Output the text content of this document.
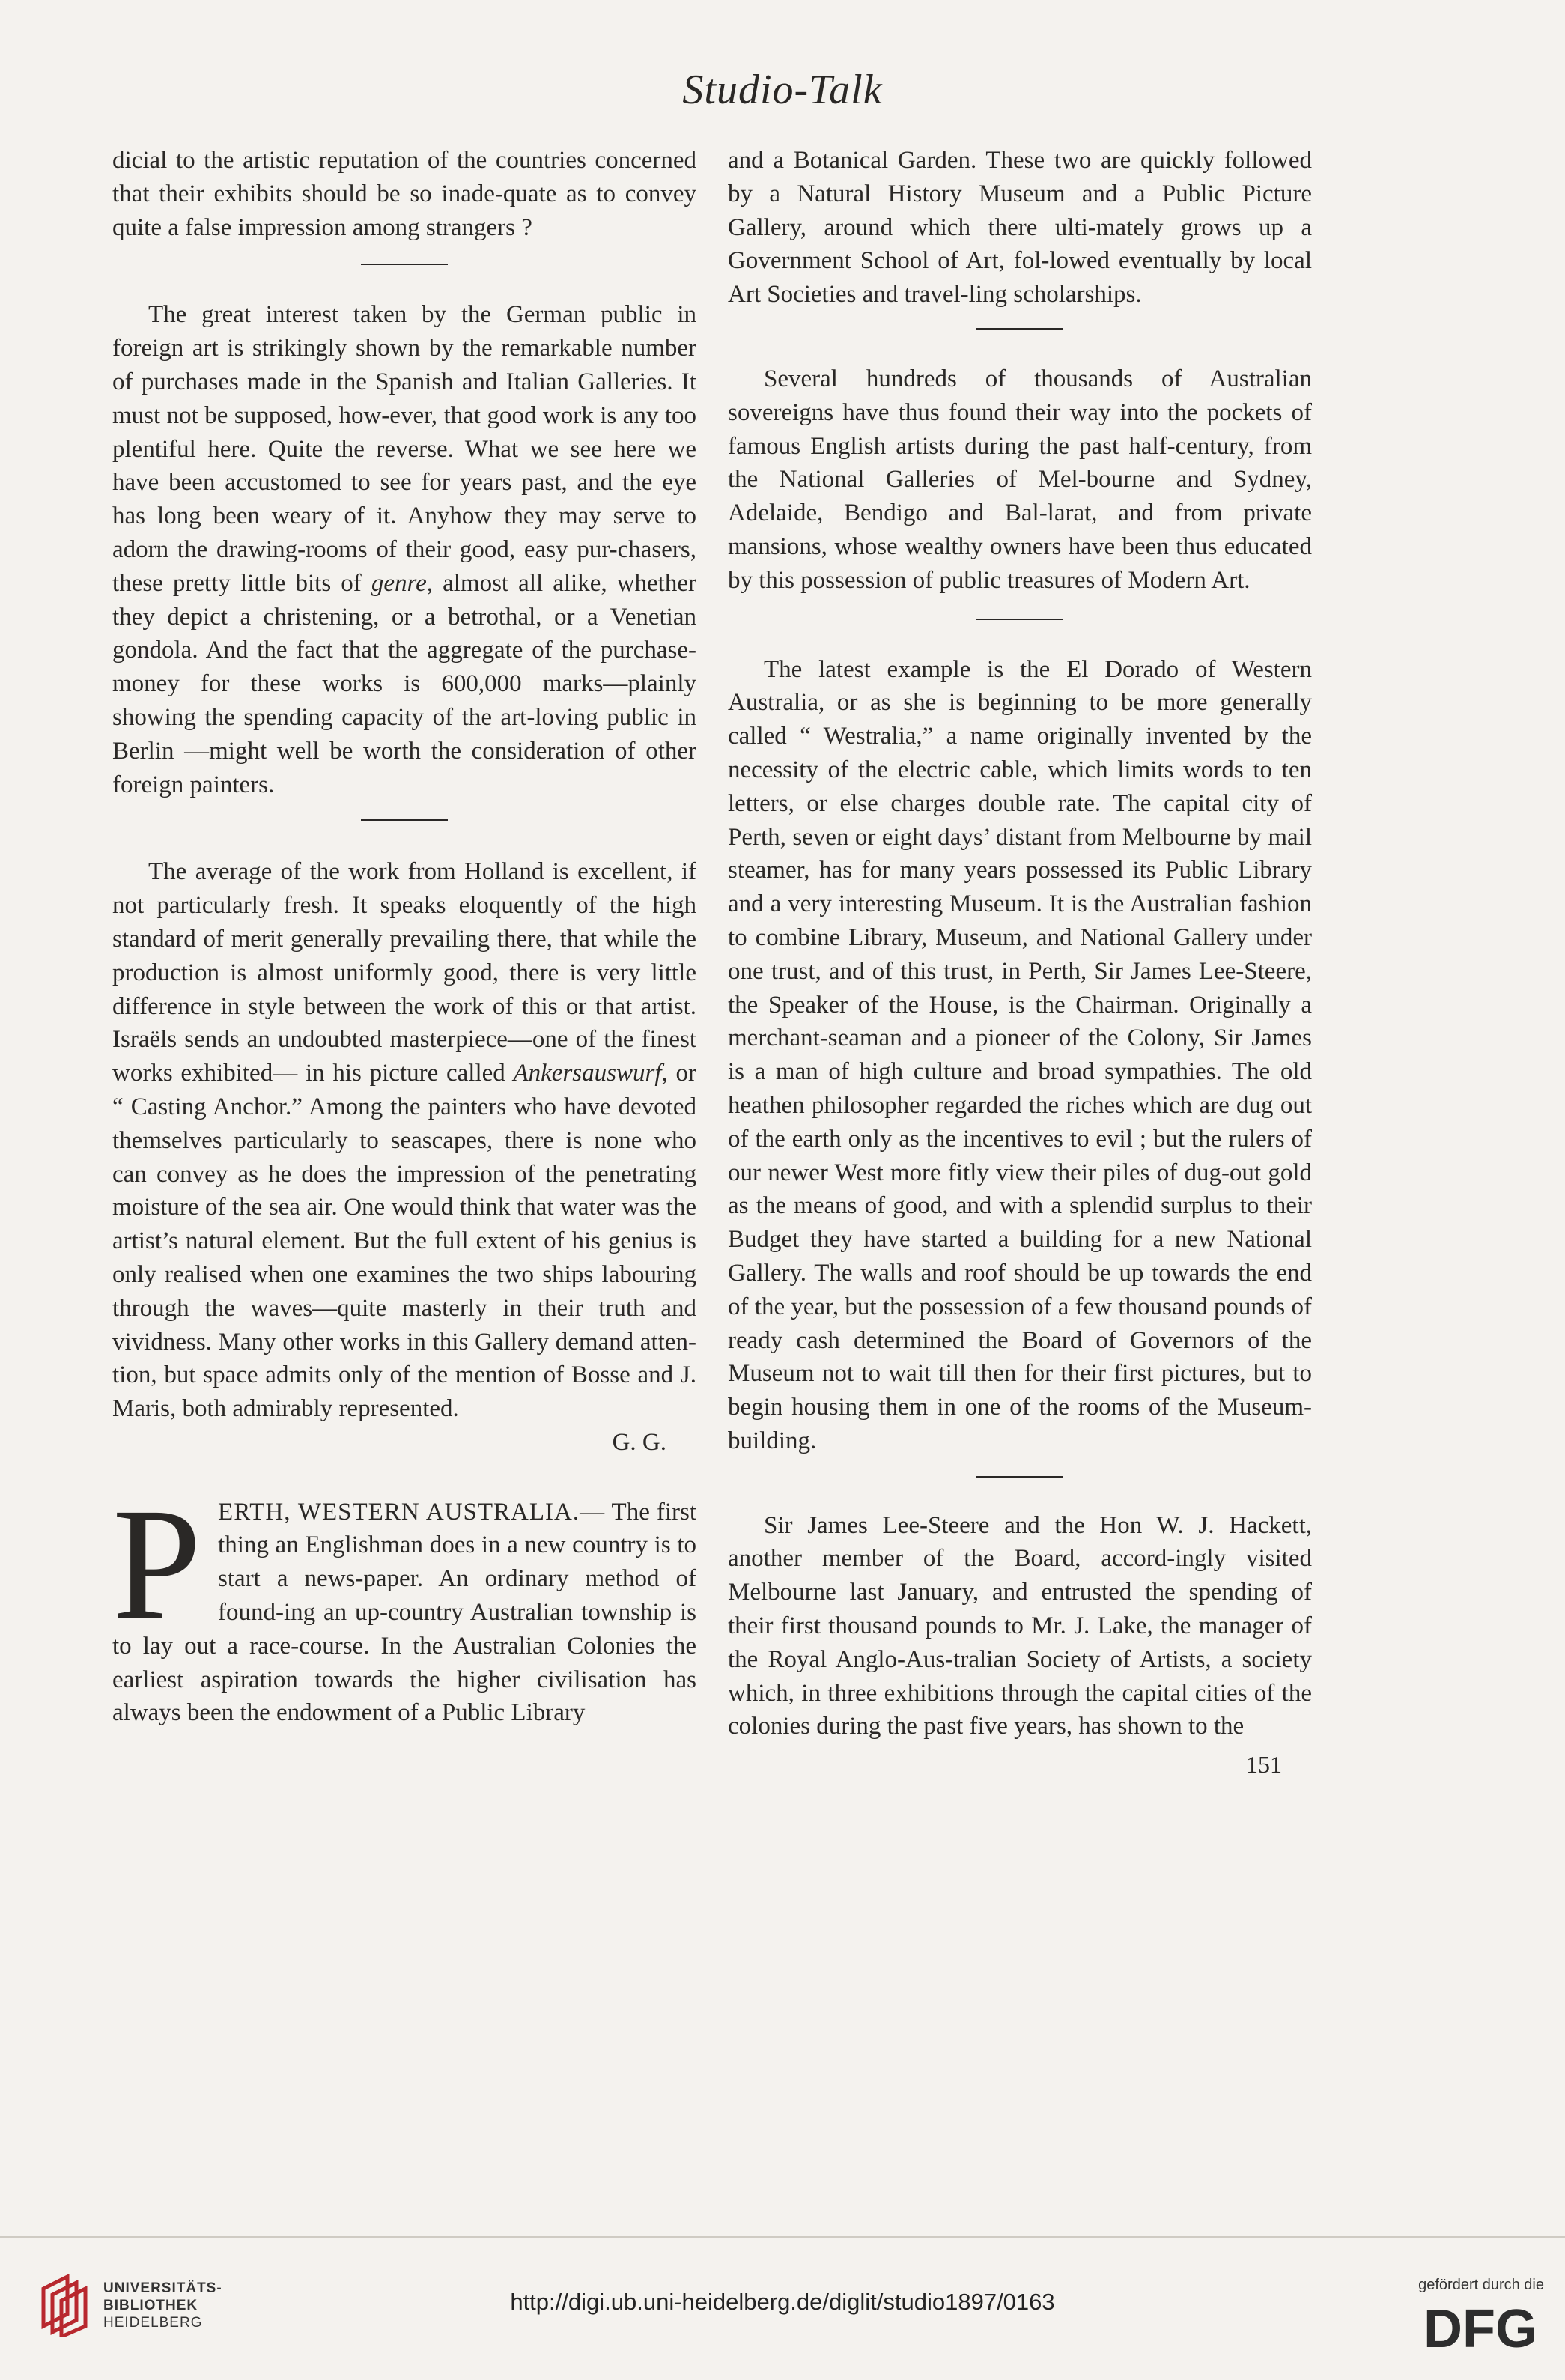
Studio-Talk

dicial to the artistic reputation of the countries concerned that their exhibits should be so inade-quate as to convey quite a false impression among strangers ?

The great interest taken by the German public in foreign art is strikingly shown by the remarkable number of purchases made in the Spanish and Italian Galleries. It must not be supposed, how-ever, that good work is any too plentiful here. Quite the reverse. What we see here we have been accustomed to see for years past, and the eye has long been weary of it. Anyhow they may serve to adorn the drawing-rooms of their good, easy pur-chasers, these pretty little bits of genre, almost all alike, whether they depict a christening, or a betrothal, or a Venetian gondola. And the fact that the aggregate of the purchase-money for these works is 600,000 marks—plainly showing the spending capacity of the art-loving public in Berlin —might well be worth the consideration of other foreign painters.

The average of the work from Holland is excellent, if not particularly fresh. It speaks eloquently of the high standard of merit generally prevailing there, that while the production is almost uniformly good, there is very little difference in style between the work of this or that artist. Israëls sends an undoubted masterpiece—one of the finest works exhibited— in his picture called Ankersauswurf, or “ Casting Anchor.” Among the painters who have devoted themselves particularly to seascapes, there is none who can convey as he does the impression of the penetrating moisture of the sea air. One would think that water was the artist’s natural element. But the full extent of his genius is only realised when one examines the two ships labouring through the waves—quite masterly in their truth and vividness. Many other works in this Gallery demand atten-tion, but space admits only of the mention of Bosse and J. Maris, both admirably represented.

G. G.

PERTH, WESTERN AUSTRALIA.— The first thing an Englishman does in a new country is to start a news-paper. An ordinary method of found-ing an up-country Australian township is to lay out a race-course. In the Australian Colonies the earliest aspiration towards the higher civilisation has always been the endowment of a Public Library

and a Botanical Garden. These two are quickly followed by a Natural History Museum and a Public Picture Gallery, around which there ulti-mately grows up a Government School of Art, fol-lowed eventually by local Art Societies and travel-ling scholarships.

Several hundreds of thousands of Australian sovereigns have thus found their way into the pockets of famous English artists during the past half-century, from the National Galleries of Mel-bourne and Sydney, Adelaide, Bendigo and Bal-larat, and from private mansions, whose wealthy owners have been thus educated by this possession of public treasures of Modern Art.

The latest example is the El Dorado of Western Australia, or as she is beginning to be more generally called “ Westralia,” a name originally invented by the necessity of the electric cable, which limits words to ten letters, or else charges double rate. The capital city of Perth, seven or eight days’ distant from Melbourne by mail steamer, has for many years possessed its Public Library and a very interesting Museum. It is the Australian fashion to combine Library, Museum, and National Gallery under one trust, and of this trust, in Perth, Sir James Lee-Steere, the Speaker of the House, is the Chairman. Originally a merchant-seaman and a pioneer of the Colony, Sir James is a man of high culture and broad sympathies. The old heathen philosopher regarded the riches which are dug out of the earth only as the incentives to evil ; but the rulers of our newer West more fitly view their piles of dug-out gold as the means of good, and with a splendid surplus to their Budget they have started a building for a new National Gallery. The walls and roof should be up towards the end of the year, but the possession of a few thousand pounds of ready cash determined the Board of Governors of the Museum not to wait till then for their first pictures, but to begin housing them in one of the rooms of the Museum-building.

Sir James Lee-Steere and the Hon W. J. Hackett, another member of the Board, accord-ingly visited Melbourne last January, and entrusted the spending of their first thousand pounds to Mr. J. Lake, the manager of the Royal Anglo-Aus-tralian Society of Artists, a society which, in three exhibitions through the capital cities of the colonies during the past five years, has shown to the

151
UNIVERSITÄTS-
BIBLIOTHEK
HEIDELBERG
http://digi.ub.uni-heidelberg.de/diglit/studio1897/0163
gefördert durch die
DFG
